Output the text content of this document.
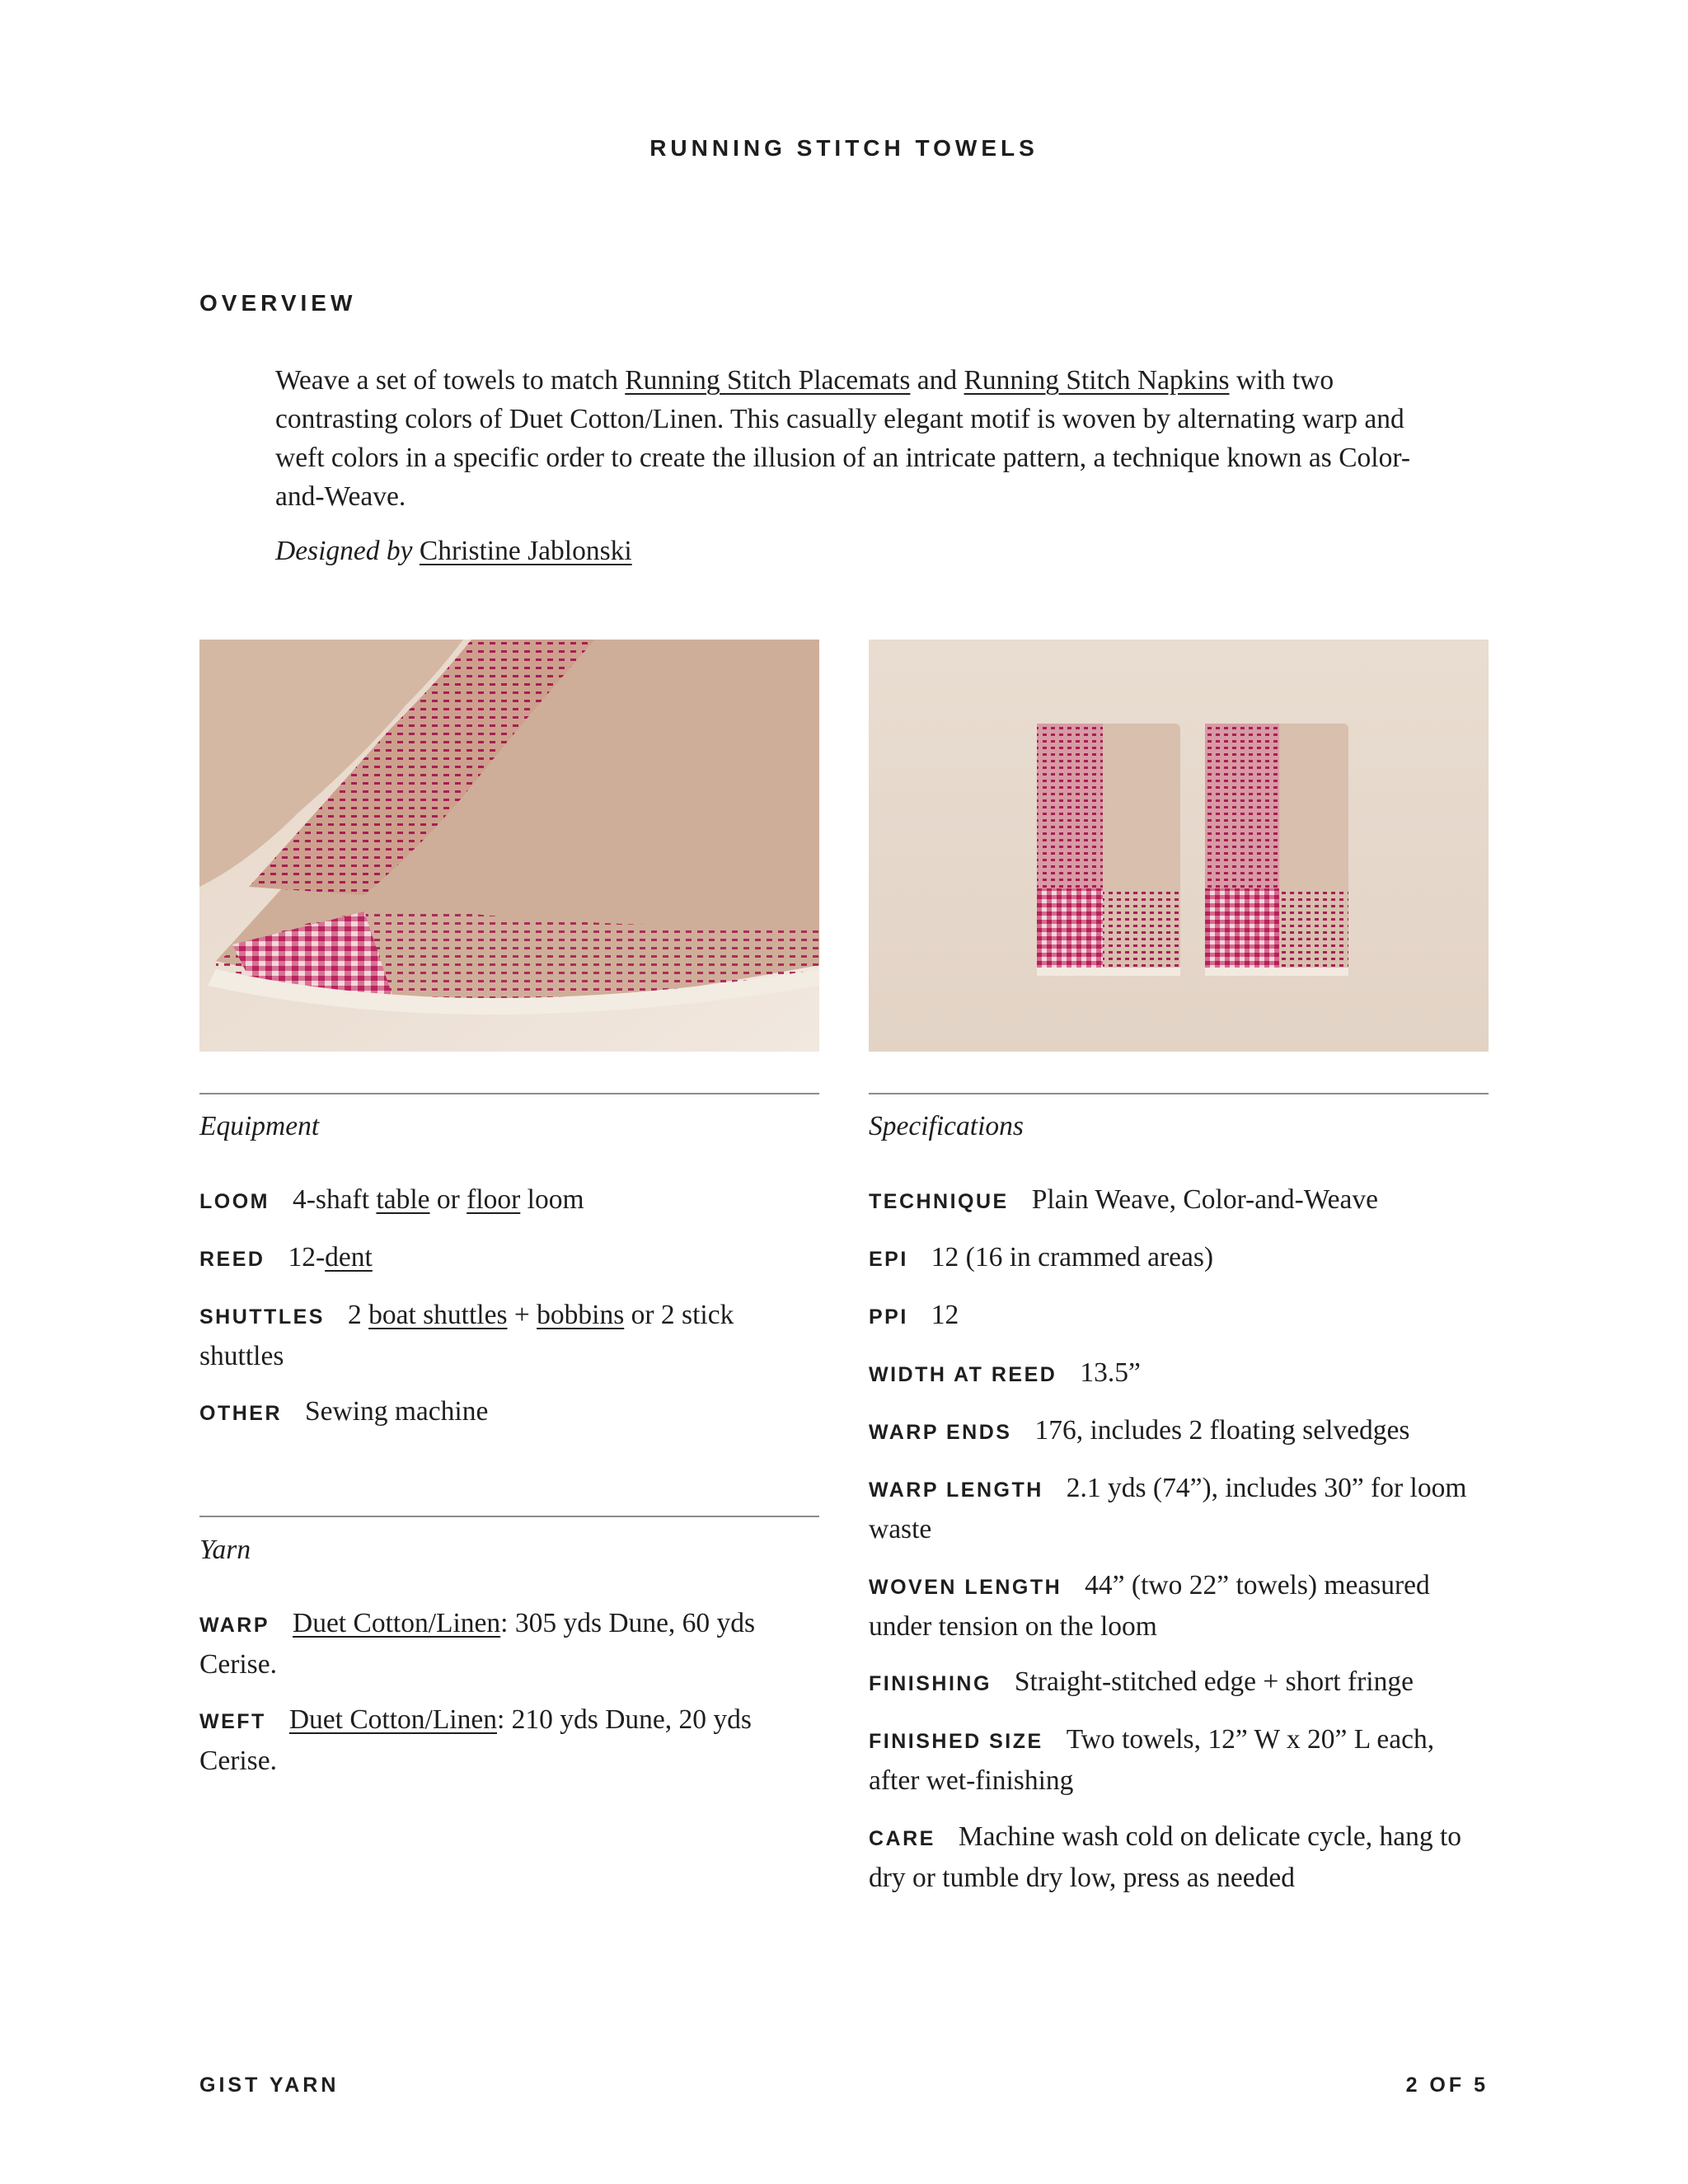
RUNNING STITCH TOWELS
OVERVIEW

Weave a set of towels to match Running Stitch Placemats and Running Stitch Napkins with two contrasting colors of Duet Cotton/Linen. This casually elegant motif is woven by alternating warp and weft colors in a specific order to create the illusion of an intricate pattern, a technique known as Color-and-Weave.

Designed by Christine Jablonski
Equipment
LOOM 4-shaft table or floor loom
REED 12-dent
SHUTTLES 2 boat shuttles + bobbins or 2 stick shuttles
OTHER Sewing machine
Yarn
WARP Duet Cotton/Linen: 305 yds Dune, 60 yds Cerise.
WEFT Duet Cotton/Linen: 210 yds Dune, 20 yds Cerise.
Specifications
TECHNIQUE Plain Weave, Color-and-Weave
EPI 12 (16 in crammed areas)
PPI 12
WIDTH AT REED 13.5”
WARP ENDS 176, includes 2 floating selvedges
WARP LENGTH 2.1 yds (74”), includes 30” for loom waste
WOVEN LENGTH 44” (two 22” towels) measured under tension on the loom
FINISHING Straight-stitched edge + short fringe
FINISHED SIZE Two towels, 12” W x 20” L each, after wet-finishing
CARE Machine wash cold on delicate cycle, hang to dry or tumble dry low, press as needed
GIST YARN	2 OF 5
